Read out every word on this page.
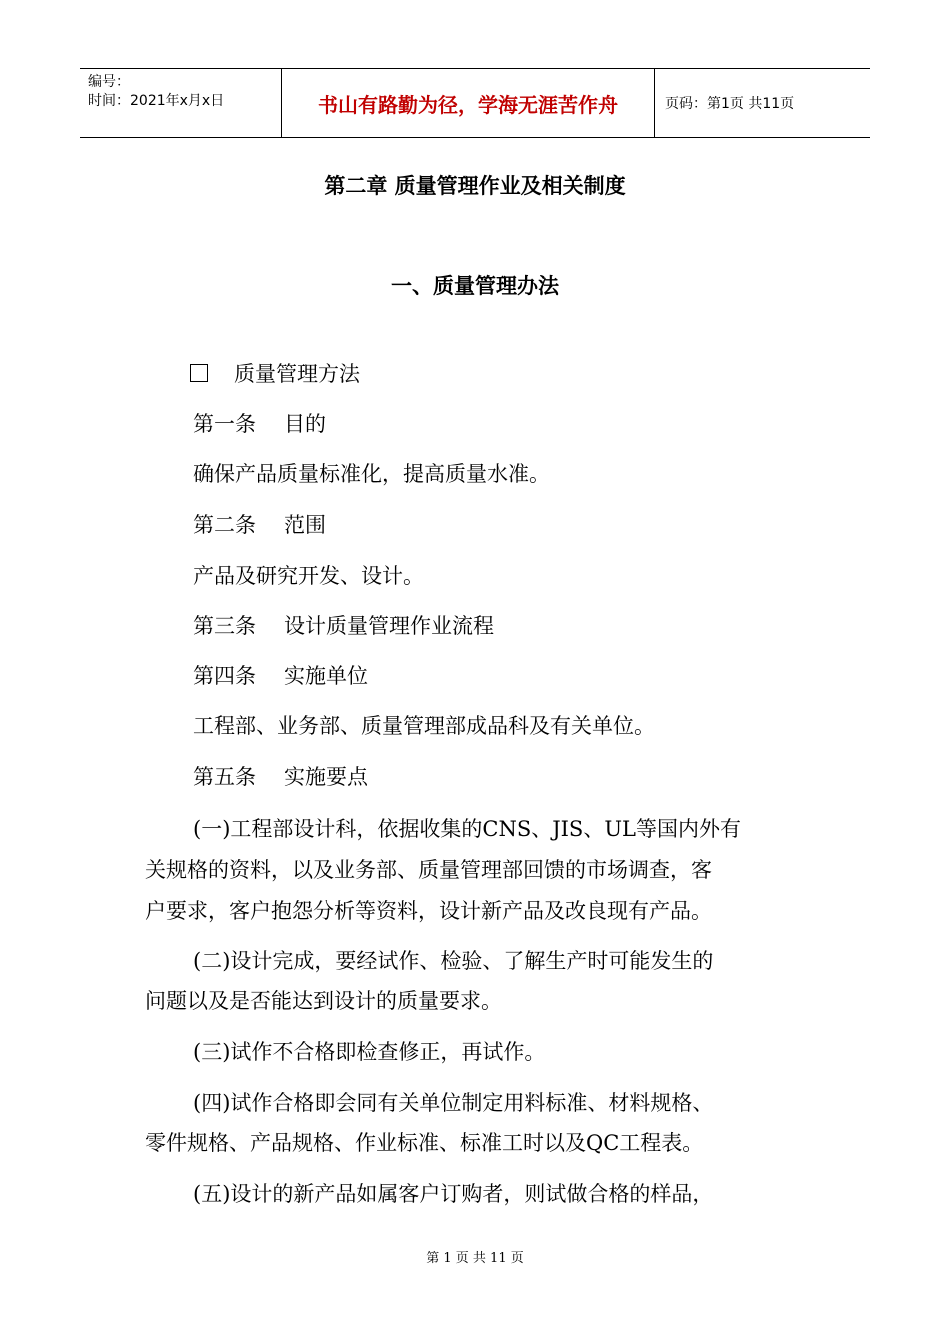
编号：
时间：2021年x月x日	书山有路勤为径，学海无涯苦作舟	页码：第1页 共11页
第二章 质量管理作业及相关制度
一、质量管理办法
质量管理方法
第一条 目的
确保产品质量标准化，提高质量水准。
第二条 范围
产品及研究开发、设计。
第三条 设计质量管理作业流程
第四条 实施单位
工程部、业务部、质量管理部成品科及有关单位。
第五条 实施要点
(一)工程部设计科，依据收集的CNS、JIS、UL等国内外有
关规格的资料，以及业务部、质量管理部回馈的市场调查，客
户要求，客户抱怨分析等资料，设计新产品及改良现有产品。
(二)设计完成，要经试作、检验、了解生产时可能发生的
问题以及是否能达到设计的质量要求。
(三)试作不合格即检查修正，再试作。
(四)试作合格即会同有关单位制定用料标准、材料规格、
零件规格、产品规格、作业标准、标准工时以及QC工程表。
(五)设计的新产品如属客户订购者，则试做合格的样品，
第 1 页 共 11 页
